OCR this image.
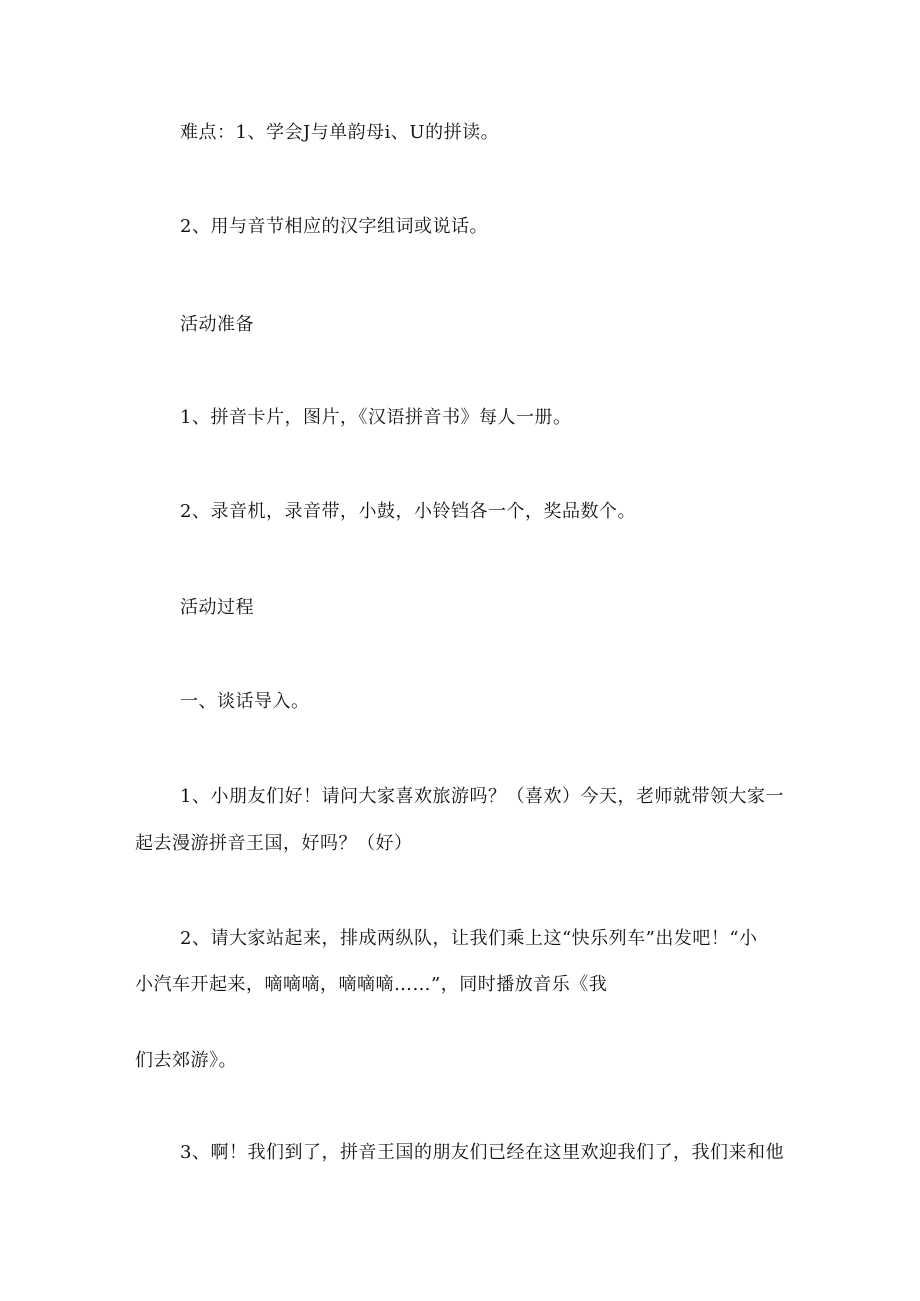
难点：1、学会J与单韵母i、U的拼读。
2、用与音节相应的汉字组词或说话。
活动准备
1、拼音卡片，图片，《汉语拼音书》每人一册。
2、录音机，录音带，小鼓，小铃铛各一个，奖品数个。
活动过程
一、谈话导入。
1、小朋友们好！请问大家喜欢旅游吗？（喜欢）今天，老师就带领大家一
起去漫游拼音王国，好吗？（好）
2、请大家站起来，排成两纵队，让我们乘上这“快乐列车”出发吧！“小
小汽车开起来，嘀嘀嘀，嘀嘀嘀……”，同时播放音乐《我
们去郊游》。
3、啊！我们到了，拼音王国的朋友们已经在这里欢迎我们了，我们来和他
